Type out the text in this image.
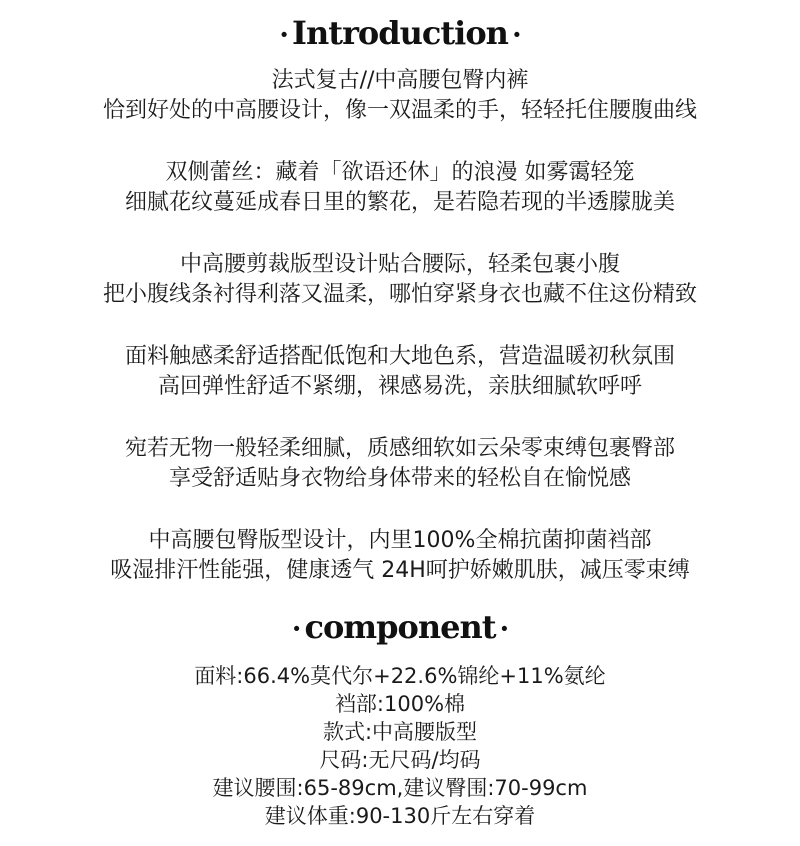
· Introduction ·
法式复古//中高腰包臀内裤
恰到好处的中高腰设计，像一双温柔的手，轻轻托住腰腹曲线
双侧蕾丝：藏着「欲语还休」的浪漫 如雾霭轻笼
细腻花纹蔓延成春日里的繁花，是若隐若现的半透朦胧美
中高腰剪裁版型设计贴合腰际，轻柔包裹小腹
把小腹线条衬得利落又温柔，哪怕穿紧身衣也藏不住这份精致
面料触感柔舒适搭配低饱和大地色系，营造温暖初秋氛围
高回弹性舒适不紧绷，裸感易洗，亲肤细腻软呼呼
宛若无物一般轻柔细腻，质感细软如云朵零束缚包裹臀部
享受舒适贴身衣物给身体带来的轻松自在愉悦感
中高腰包臀版型设计，内里100%全棉抗菌抑菌裆部
吸湿排汗性能强，健康透气 24H呵护娇嫩肌肤，减压零束缚
· component ·
面料:66.4%莫代尔+22.6%锦纶+11%氨纶
裆部:100%棉
款式:中高腰版型
尺码:无尺码/均码
建议腰围:65-89cm,建议臀围:70-99cm
建议体重:90-130斤左右穿着
